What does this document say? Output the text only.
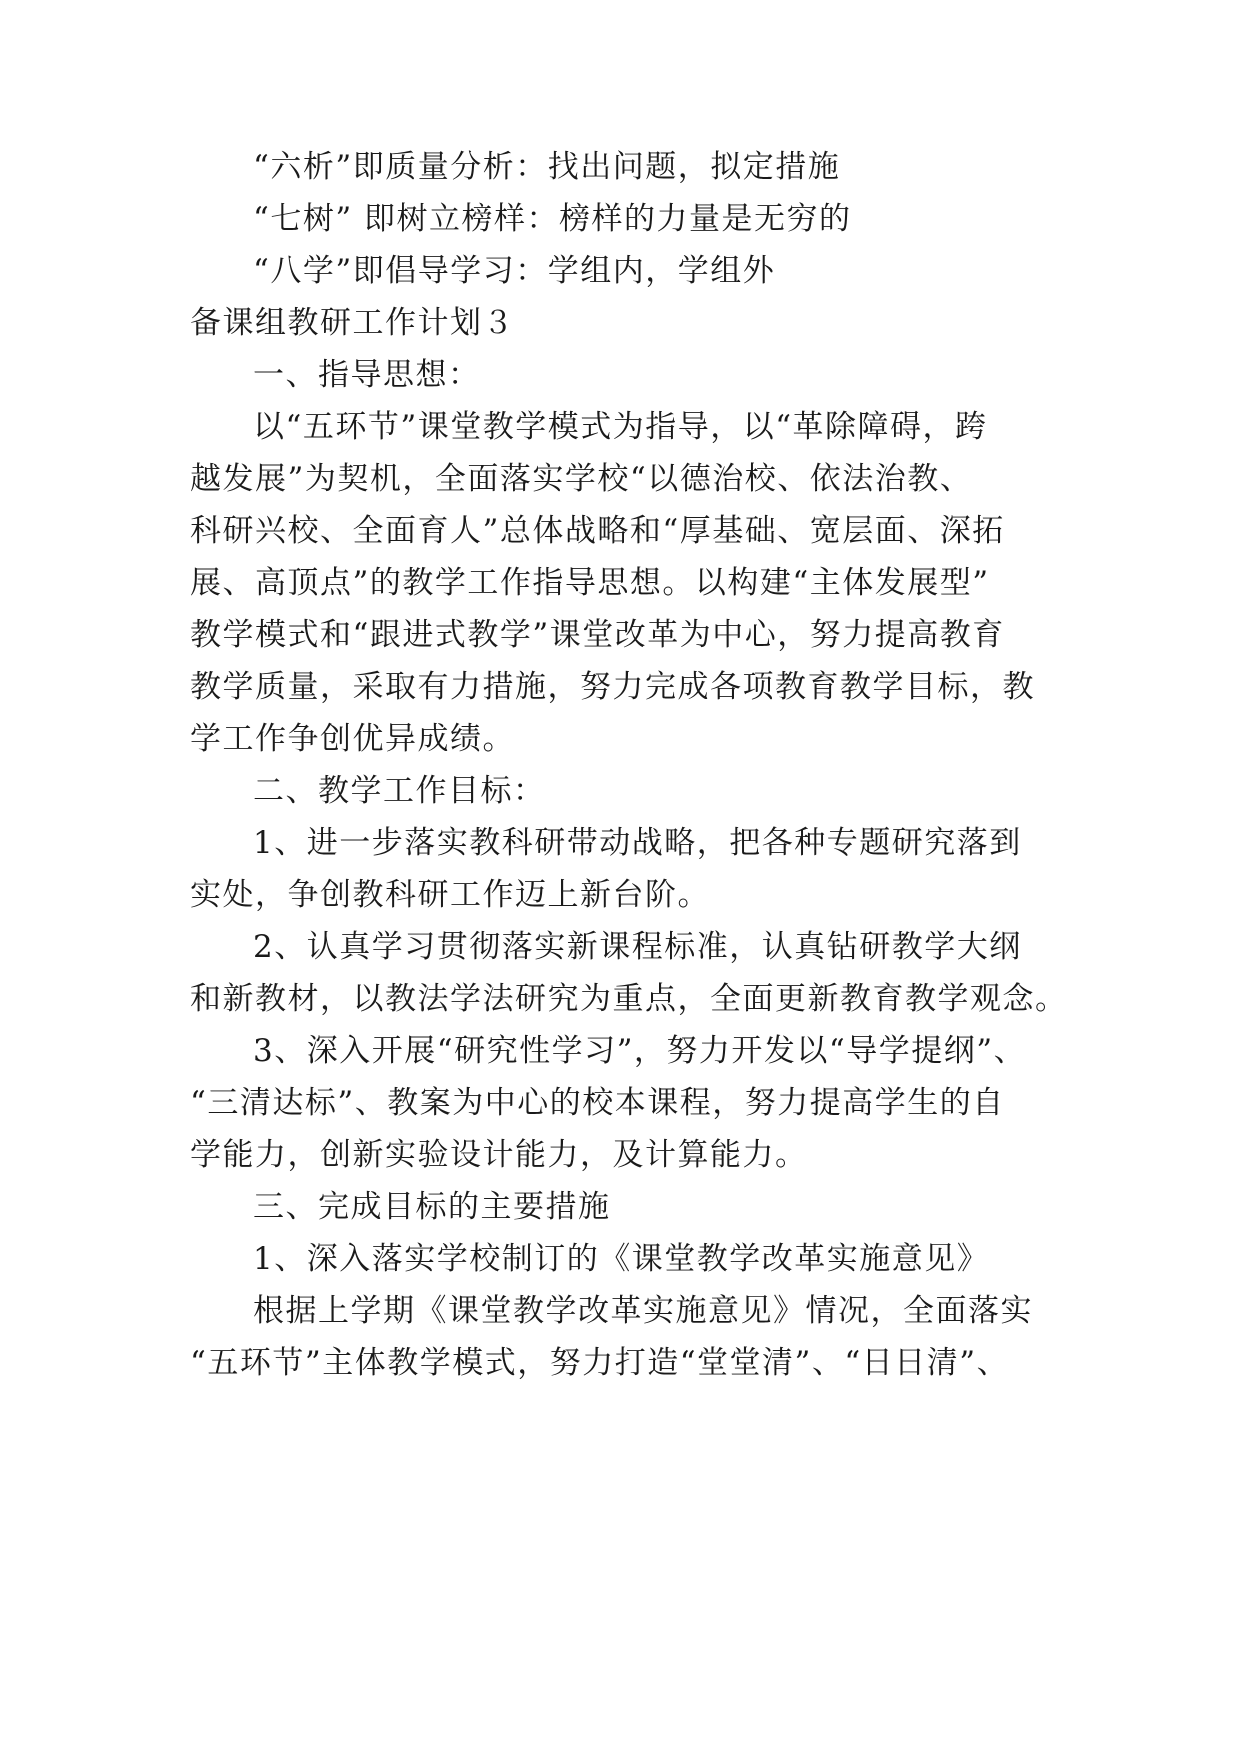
“六析”即质量分析：找出问题，拟定措施
“七树” 即树立榜样：榜样的力量是无穷的
“八学”即倡导学习：学组内，学组外
备课组教研工作计划３
一、指导思想：
以“五环节”课堂教学模式为指导，以“革除障碍，跨
越发展”为契机，全面落实学校“以德治校、依法治教、
科研兴校、全面育人”总体战略和“厚基础、宽层面、深拓
展、高顶点”的教学工作指导思想。以构建“主体发展型”
教学模式和“跟进式教学”课堂改革为中心，努力提高教育
教学质量，采取有力措施，努力完成各项教育教学目标，教
学工作争创优异成绩。
二、教学工作目标：
1、进一步落实教科研带动战略，把各种专题研究落到
实处，争创教科研工作迈上新台阶。
2、认真学习贯彻落实新课程标准，认真钻研教学大纲
和新教材，以教法学法研究为重点，全面更新教育教学观念。
3、深入开展“研究性学习”，努力开发以“导学提纲”、
“三清达标”、教案为中心的校本课程，努力提高学生的自
学能力，创新实验设计能力，及计算能力。
三、完成目标的主要措施
1、深入落实学校制订的《课堂教学改革实施意见》
根据上学期《课堂教学改革实施意见》情况，全面落实
“五环节”主体教学模式，努力打造“堂堂清”、“日日清”、
